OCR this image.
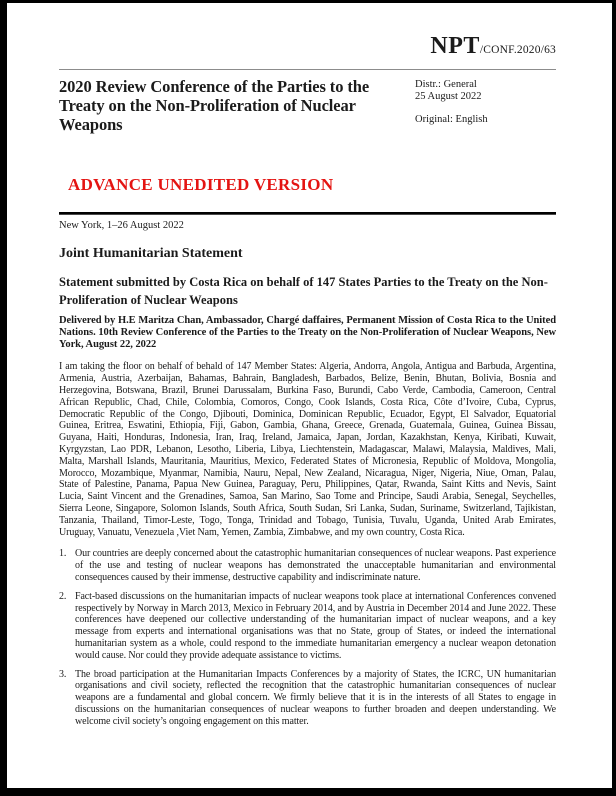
NPT/CONF.2020/63
2020 Review Conference of the Parties to the Treaty on the Non-Proliferation of Nuclear Weapons

Distr.: General

25 August 2022

Original: English

ADVANCE UNEDITED VERSION
New York, 1–26 August 2022
Joint Humanitarian Statement
Statement submitted by Costa Rica on behalf of 147 States Parties to the Treaty on the Non-Proliferation of Nuclear Weapons

Delivered by H.E Maritza Chan, Ambassador, Chargé daffaires, Permanent Mission of Costa Rica to the United Nations. 10th Review Conference of the Parties to the Treaty on the Non-Proliferation of Nuclear Weapons, New York, August 22, 2022

I am taking the floor on behalf of behald of 147 Member States: Algeria, Andorra, Angola, Antigua and Barbuda, Argentina, Armenia, Austria, Azerbaijan, Bahamas, Bahrain, Bangladesh, Barbados, Belize, Benin, Bhutan, Bolivia, Bosnia and Herzegovina, Botswana, Brazil, Brunei Darussalam, Burkina Faso, Burundi, Cabo Verde, Cambodia, Cameroon, Central African Republic, Chad, Chile, Colombia, Comoros, Congo, Cook Islands, Costa Rica, Côte d’Ivoire, Cuba, Cyprus, Democratic Republic of the Congo, Djibouti, Dominica, Dominican Republic, Ecuador, Egypt, El Salvador, Equatorial Guinea, Eritrea, Eswatini, Ethiopia, Fiji, Gabon, Gambia, Ghana, Greece, Grenada, Guatemala, Guinea, Guinea Bissau, Guyana, Haiti, Honduras, Indonesia, Iran, Iraq, Ireland, Jamaica, Japan, Jordan, Kazakhstan, Kenya, Kiribati, Kuwait, Kyrgyzstan, Lao PDR, Lebanon, Lesotho, Liberia, Libya, Liechtenstein, Madagascar, Malawi, Malaysia, Maldives, Mali, Malta, Marshall Islands, Mauritania, Mauritius, Mexico, Federated States of Micronesia, Republic of Moldova, Mongolia, Morocco, Mozambique, Myanmar, Namibia, Nauru, Nepal, New Zealand, Nicaragua, Niger, Nigeria, Niue, Oman, Palau, State of Palestine, Panama, Papua New Guinea, Paraguay, Peru, Philippines, Qatar, Rwanda, Saint Kitts and Nevis, Saint Lucia, Saint Vincent and the Grenadines, Samoa, San Marino, Sao Tome and Principe, Saudi Arabia, Senegal, Seychelles, Sierra Leone, Singapore, Solomon Islands, South Africa, South Sudan, Sri Lanka, Sudan, Suriname, Switzerland, Tajikistan, Tanzania, Thailand, Timor-Leste, Togo, Tonga, Trinidad and Tobago, Tunisia, Tuvalu, Uganda, United Arab Emirates, Uruguay, Vanuatu, Venezuela ,Viet Nam, Yemen, Zambia, Zimbabwe, and my own country, Costa Rica.

1. Our countries are deeply concerned about the catastrophic humanitarian consequences of nuclear weapons. Past experience of the use and testing of nuclear weapons has demonstrated the unacceptable humanitarian and environmental consequences caused by their immense, destructive capability and indiscriminate nature.
2. Fact-based discussions on the humanitarian impacts of nuclear weapons took place at international Conferences convened respectively by Norway in March 2013, Mexico in February 2014, and by Austria in December 2014 and June 2022. These conferences have deepened our collective understanding of the humanitarian impact of nuclear weapons, and a key message from experts and international organisations was that no State, group of States, or indeed the international humanitarian system as a whole, could respond to the immediate humanitarian emergency a nuclear weapon detonation would cause. Nor could they provide adequate assistance to victims.
3. The broad participation at the Humanitarian Impacts Conferences by a majority of States, the ICRC, UN humanitarian organisations and civil society, reflected the recognition that the catastrophic humanitarian consequences of nuclear weapons are a fundamental and global concern. We firmly believe that it is in the interests of all States to engage in discussions on the humanitarian consequences of nuclear weapons to further broaden and deepen understanding. We welcome civil society’s ongoing engagement on this matter.
